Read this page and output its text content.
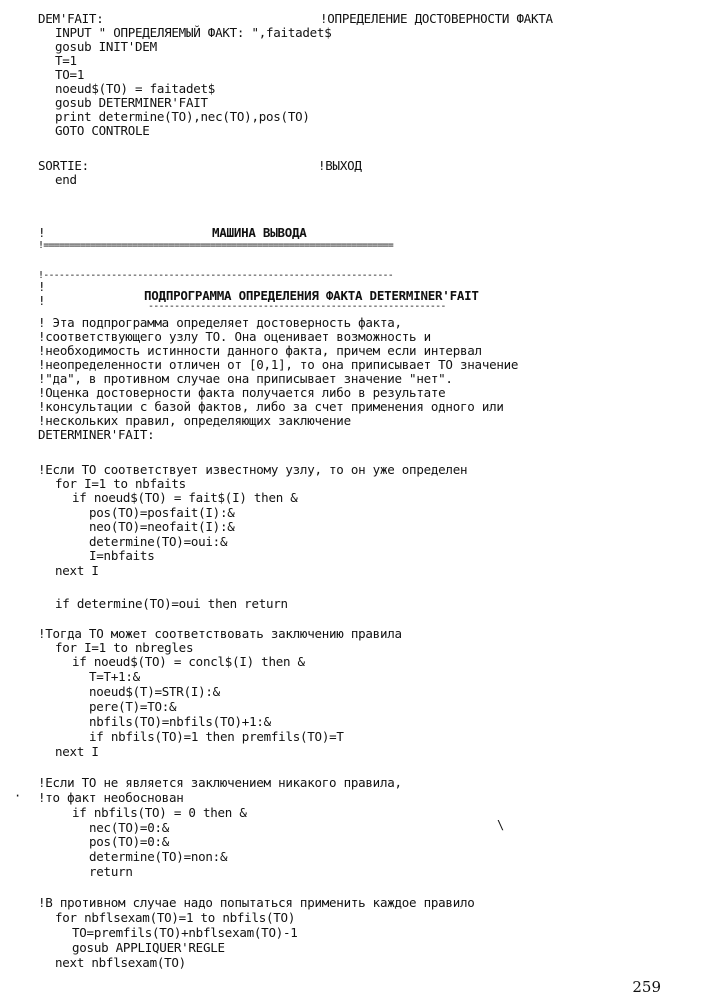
!===================================================================
!-------------------------------------------------------------------
---------------------------------------------------------
·
\
259
DEM'FAIT:	!ОПРЕДЕЛЕНИЕ ДОСТОВЕРНОСТИ ФАКТА
INPUT " ОПРЕДЕЛЯЕМЫЙ ФАКТ: ",faitadet$
gosub INIT'DEM
T=1
TO=1
noeud$(TO) = faitadet$
gosub DETERMINER'FAIT
print determine(TO),nec(TO),pos(TO)
GOTO CONTROLE
SORTIE:	!ВЫХОД
end
!	МАШИНА ВЫВОДА
!
!	ПОДПРОГРАММА ОПРЕДЕЛЕНИЯ ФАКТА DETERMINER'FAIT
! Эта подпрограмма определяет достоверность факта,
!соответствующего узлу TO. Она оценивает возможность и
!необходимость истинности данного факта, причем если интервал
!неопределенности отличен от [0,1], то она приписывает TO значение
!"да", в противном случае она приписывает значение "нет".
!Оценка достоверности факта получается либо в результате
!консультации с базой фактов, либо за счет применения одного или
!нескольких правил, определяющих заключение
DETERMINER'FAIT:
!Если TO соответствует известному узлу, то он уже определен
for I=1 to nbfaits
if noeud$(TO) = fait$(I) then &
pos(TO)=posfait(I):&
neo(TO)=neofait(I):&
determine(TO)=oui:&
I=nbfaits
next I
if determine(TO)=oui then return
!Тогда TO может соответствовать заключению правила
for I=1 to nbregles
if noeud$(TO) = concl$(I) then &
T=T+1:&
noeud$(T)=STR(I):&
pere(T)=TO:&
nbfils(TO)=nbfils(TO)+1:&
if nbfils(TO)=1 then premfils(TO)=T
next I
!Если TO не является заключением никакого правила,
!то факт необоснован
if nbfils(TO) = 0 then &
nec(TO)=0:&
pos(TO)=0:&
determine(TO)=non:&
return
!В противном случае надо попытаться применить каждое правило
for nbflsexam(TO)=1 to nbfils(TO)
TO=premfils(TO)+nbflsexam(TO)-1
gosub APPLIQUER'REGLE
next nbflsexam(TO)
